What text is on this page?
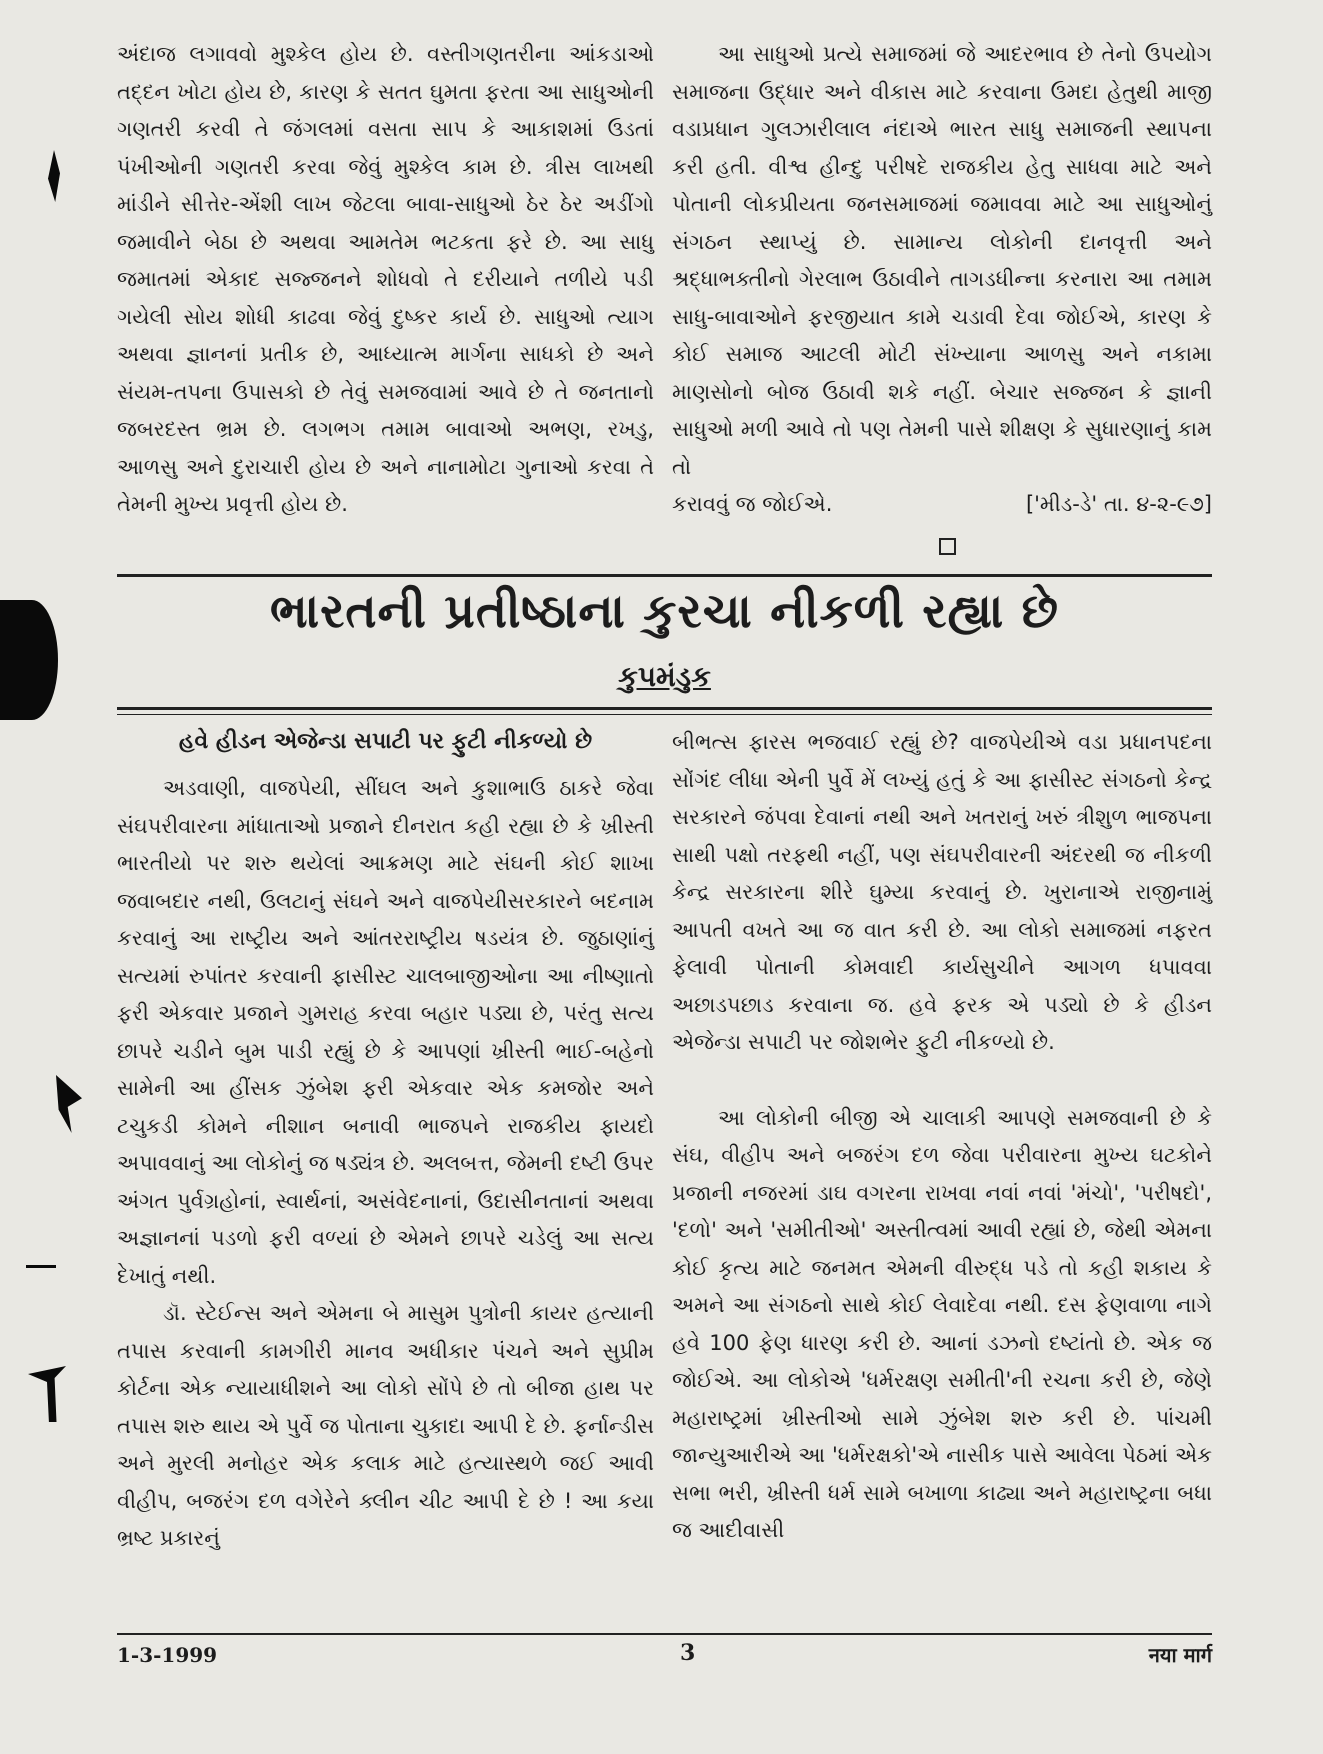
અંદાજ લગાવવો મુશ્કેલ હોય છે. વસ્તીગણતરીના આંકડાઓ તદ્દન ખોટા હોય છે, કારણ કે સતત ઘુમતા ફરતા આ સાધુઓની ગણતરી કરવી તે જંગલમાં વસતા સાપ કે આકાશમાં ઉડતાં પંખીઓની ગણતરી કરવા જેવું મુશ્કેલ કામ છે. ત્રીસ લાખથી માંડીને સીત્તેર-એંશી લાખ જેટલા બાવા-સાધુઓ ઠેર ઠેર અડીંગો જમાવીને બેઠા છે અથવા આમતેમ ભટકતા ફરે છે. આ સાધુ જમાતમાં એકાદ સજ્જનને શોધવો તે દરીયાને તળીયે પડી ગયેલી સોય શોધી કાઢવા જેવું દુષ્કર કાર્ય છે. સાધુઓ ત્યાગ અથવા જ્ઞાનનાં પ્રતીક છે, આધ્યાત્મ માર્ગના સાધકો છે અને સંયમ-તપના ઉપાસકો છે તેવું સમજવામાં આવે છે તે જનતાનો જબરદસ્ત ભ્રમ છે. લગભગ તમામ બાવાઓ અભણ, રખડુ, આળસુ અને દુરાચારી હોય છે અને નાનામોટા ગુનાઓ કરવા તે તેમની મુખ્ય પ્રવૃત્તી હોય છે.

આ સાધુઓ પ્રત્યે સમાજમાં જે આદરભાવ છે તેનો ઉપયોગ સમાજના ઉદ્ધાર અને વીકાસ માટે કરવાના ઉમદા હેતુથી માજી વડાપ્રધાન ગુલઝારીલાલ નંદાએ ભારત સાધુ સમાજની સ્થાપના કરી હતી. વીશ્વ હીન્દુ પરીષદે રાજકીય હેતુ સાધવા માટે અને પોતાની લોકપ્રીયતા જનસમાજમાં જમાવવા માટે આ સાધુઓનું સંગઠન સ્થાપ્યું છે. સામાન્ય લોકોની દાનવૃત્તી અને શ્રદ્ધાભક્તીનો ગેરલાભ ઉઠાવીને તાગડધીન્ના કરનારા આ તમામ સાધુ-બાવાઓને ફરજીયાત કામે ચડાવી દેવા જોઈએ, કારણ કે કોઈ સમાજ આટલી મોટી સંખ્યાના આળસુ અને નકામા માણસોનો બોજ ઉઠાવી શકે નહીં. બેચાર સજ્જન કે જ્ઞાની સાધુઓ મળી આવે તો પણ તેમની પાસે શીક્ષણ કે સુધારણાનું કામ તો

કરાવવું જ જોઈએ.	['મીડ-ડે' તા. ૪-૨-૯૭]
ભારતની પ્રતીષ્ઠાના કુરચા નીકળી રહ્યા છે
કુપમંડુક
હવે હીડન એજેન્ડા સપાટી પર ફુટી નીકળ્યો છે

અડવાણી, વાજપેયી, સીંઘલ અને કુશાભાઉ ઠાકરે જેવા સંઘપરીવારના માંધાતાઓ પ્રજાને દીનરાત કહી રહ્યા છે કે ખ્રીસ્તી ભારતીયો પર શરુ થયેલાં આક્રમણ માટે સંઘની કોઈ શાખા જવાબદાર નથી, ઉલટાનું સંઘને અને વાજપેયીસરકારને બદનામ કરવાનું આ રાષ્ટ્રીય અને આંતરરાષ્ટ્રીય ષડયંત્ર છે. જુઠાણાંનું સત્યમાં રુપાંતર કરવાની ફાસીસ્ટ ચાલબાજીઓના આ નીષ્ણાતો ફરી એકવાર પ્રજાને ગુમરાહ કરવા બહાર પડ્યા છે, પરંતુ સત્ય છાપરે ચડીને બુમ પાડી રહ્યું છે કે આપણાં ખ્રીસ્તી ભાઈ-બહેનો સામેની આ હીંસક ઝુંબેશ ફરી એકવાર એક કમજોર અને ટચુકડી કોમને નીશાન બનાવી ભાજપને રાજકીય ફાયદો અપાવવાનું આ લોકોનું જ ષડ્યંત્ર છે. અલબત્ત, જેમની દષ્ટી ઉપર અંગત પુર્વગ્રહોનાં, સ્વાર્થનાં, અસંવેદનાનાં, ઉદાસીનતાનાં અથવા અજ્ઞાનનાં પડળો ફરી વળ્યાં છે એમને છાપરે ચડેલું આ સત્ય દેખાતું નથી.

ડૉ. સ્ટેઈન્સ અને એમના બે માસુમ પુત્રોની કાયર હત્યાની તપાસ કરવાની કામગીરી માનવ અધીકાર પંચને અને સુપ્રીમ કોર્ટના એક ન્યાયાધીશને આ લોકો સોંપે છે તો બીજા હાથ પર તપાસ શરુ થાય એ પુર્વે જ પોતાના ચુકાદા આપી દે છે. ફર્નાન્ડીસ અને મુરલી મનોહર એક કલાક માટે હત્યાસ્થળે જઈ આવી વીહીપ, બજરંગ દળ વગેરેને ક્લીન ચીટ આપી દે છે ! આ કયા ભ્રષ્ટ પ્રકારનું

બીભત્સ ફારસ ભજવાઈ રહ્યું છે? વાજપેયીએ વડા પ્રધાનપદના સોંગંદ લીધા એની પુર્વે મેં લખ્યું હતું કે આ ફાસીસ્ટ સંગઠનો કેન્દ્ર સરકારને જંપવા દેવાનાં નથી અને ખતરાનું ખરું ત્રીશુળ ભાજપના સાથી પક્ષો તરફથી નહીં, પણ સંઘપરીવારની અંદરથી જ નીકળી કેન્દ્ર સરકારના શીરે ઘુમ્યા કરવાનું છે. ખુરાનાએ રાજીનામું આપતી વખતે આ જ વાત કરી છે. આ લોકો સમાજમાં નફરત ફેલાવી પોતાની કોમવાદી કાર્યસુચીને આગળ ધપાવવા અછાડપછાડ કરવાના જ. હવે ફરક એ પડ્યો છે કે હીડન એજેન્ડા સપાટી પર જોશભેર ફુટી નીકળ્યો છે.

આ લોકોની બીજી એ ચાલાકી આપણે સમજવાની છે કે સંઘ, વીહીપ અને બજરંગ દળ જેવા પરીવારના મુખ્ય ઘટકોને પ્રજાની નજરમાં ડાઘ વગરના રાખવા નવાં નવાં 'મંચો', 'પરીષદો', 'દળો' અને 'સમીતીઓ' અસ્તીત્વમાં આવી રહ્યાં છે, જેથી એમના કોઈ કૃત્ય માટે જનમત એમની વીરુદ્ધ પડે તો કહી શકાય કે અમને આ સંગઠનો સાથે કોઈ લેવાદેવા નથી. દસ ફેણવાળા નાગે હવે 100 ફેણ ધારણ કરી છે. આનાં ડઝનો દષ્ટાંતો છે. એક જ જોઈએ. આ લોકોએ 'ધર્મરક્ષણ સમીતી'ની રચના કરી છે, જેણે મહારાષ્ટ્રમાં ખ્રીસ્તીઓ સામે ઝુંબેશ શરુ કરી છે. પાંચમી જાન્યુઆરીએ આ 'ધર્મરક્ષકો'એ નાસીક પાસે આવેલા પેઠમાં એક સભા ભરી, ખ્રીસ્તી ધર્મ સામે બખાળા કાઢ્યા અને મહારાષ્ટ્રના બધા જ આદીવાસી

1-3-1999	3	नया मार्ग
